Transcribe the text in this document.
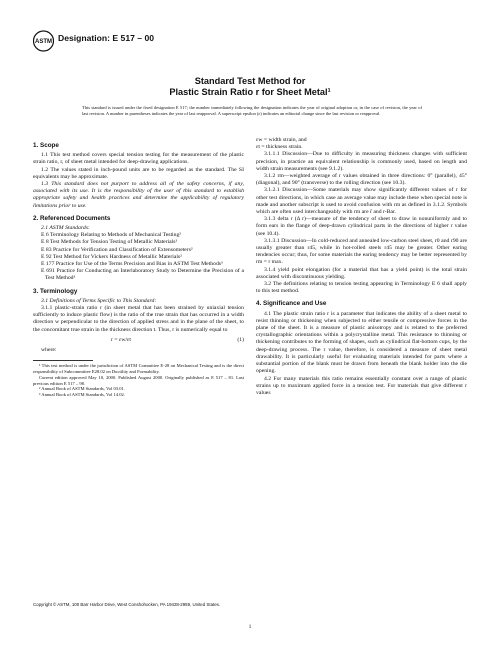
ASTM Designation: E 517 – 00
Standard Test Method for
Plastic Strain Ratio r for Sheet Metal¹
This standard is issued under the fixed designation E 517; the number immediately following the designation indicates the year of original adoption or, in the case of revision, the year of last revision. A number in parentheses indicates the year of last reapproval. A superscript epsilon (ε) indicates an editorial change since the last revision or reapproval.

1. Scope

1.1 This test method covers special tension testing for the measurement of the plastic strain ratio, r, of sheet metal intended for deep-drawing applications.

1.2 The values stated in inch-pound units are to be regarded as the standard. The SI equivalents may be approximate.

1.3 This standard does not purport to address all of the safety concerns, if any, associated with its use. It is the responsibility of the user of this standard to establish appropriate safety and health practices and determine the applicability of regulatory limitations prior to use.

2. Referenced Documents

2.1 ASTM Standards:

E 6 Terminology Relating to Methods of Mechanical Testing²

E 8 Test Methods for Tension Testing of Metallic Materials²

E 83 Practice for Verification and Classification of Extensometers²

E 92 Test Method for Vickers Hardness of Metallic Materials²

E 177 Practice for Use of the Terms Precision and Bias in ASTM Test Methods³

E 691 Practice for Conducting an Interlaboratory Study to Determine the Precision of a Test Method³

3. Terminology

3.1 Definitions of Terms Specific to This Standard:

3.1.1 plastic-strain ratio r (in sheet metal that has been strained by uniaxial tension sufficiently to induce plastic flow) is the ratio of the true strain that has occurred in a width direction w perpendicular to the direction of applied stress and in the plane of the sheet, to the concomitant true strain in the thickness direction t. Thus, r is numerically equal to

r = εw/εt	(1)

where:

¹ This test method is under the jurisdiction of ASTM Committee E-28 on Mechanical Testing and is the direct responsibility of Subcommittee E28.02 on Ductility and Formability.

Current edition approved May 10, 2000. Published August 2000. Originally published as E 517 – 81. Last previous edition E 517 – 98.

² Annual Book of ASTM Standards, Vol 03.01.

³ Annual Book of ASTM Standards, Vol 14.02.

εw = width strain, and

εt = thickness strain.

3.1.1.1 Discussion—Due to difficulty in measuring thickness changes with sufficient precision, in practice an equivalent relationship is commonly used, based on length and width strain measurements (see 9.1.2).

3.1.2 rm—weighted average of r values obtained in three directions: 0° (parallel), 45° (diagonal), and 90° (transverse) to the rolling direction (see 10.3).

3.1.2.1 Discussion—Some materials may show significantly different values of r for other test directions, in which case an average value may include these when special note is made and another subscript is used to avoid confusion with rm as defined in 3.1.2. Symbols which are often used interchangeably with rm are r̄ and r-Bar.

3.1.3 delta r (Δ r)—measure of the tendency of sheet to draw in nonuniformly and to form ears in the flange of deep-drawn cylindrical parts in the directions of higher r value (see 10.4).

3.1.3.1 Discussion—In cold-reduced and annealed low-carbon steel sheet, r0 and r90 are usually greater than r45, while in hot-rolled steels r45 may be greater. Other earing tendencies occur; thus, for some materials the earing tendency may be better represented by rm = r max.

3.1.4 yield point elongation (for a material that has a yield point) is the total strain associated with discontinuous yielding.

3.2 The definitions relating to tension testing appearing in Terminology E 6 shall apply to this test method.

4. Significance and Use

4.1 The plastic strain ratio r is a parameter that indicates the ability of a sheet metal to resist thinning or thickening when subjected to either tensile or compressive forces in the plane of the sheet. It is a measure of plastic anisotropy and is related to the preferred crystallographic orientations within a polycrystalline metal. This resistance to thinning or thickening contributes to the forming of shapes, such as cylindrical flat-bottom cups, by the deep-drawing process. The r value, therefore, is considered a measure of sheet metal drawability. It is particularly useful for evaluating materials intended for parts where a substantial portion of the blank must be drawn from beneath the blank holder into the die opening.

4.2 For many materials this ratio remains essentially constant over a range of plastic strains up to maximum applied force in a tension test. For materials that give different r values

Copyright © ASTM, 100 Barr Harbor Drive, West Conshohocken, PA 19428-2959, United States.
1
